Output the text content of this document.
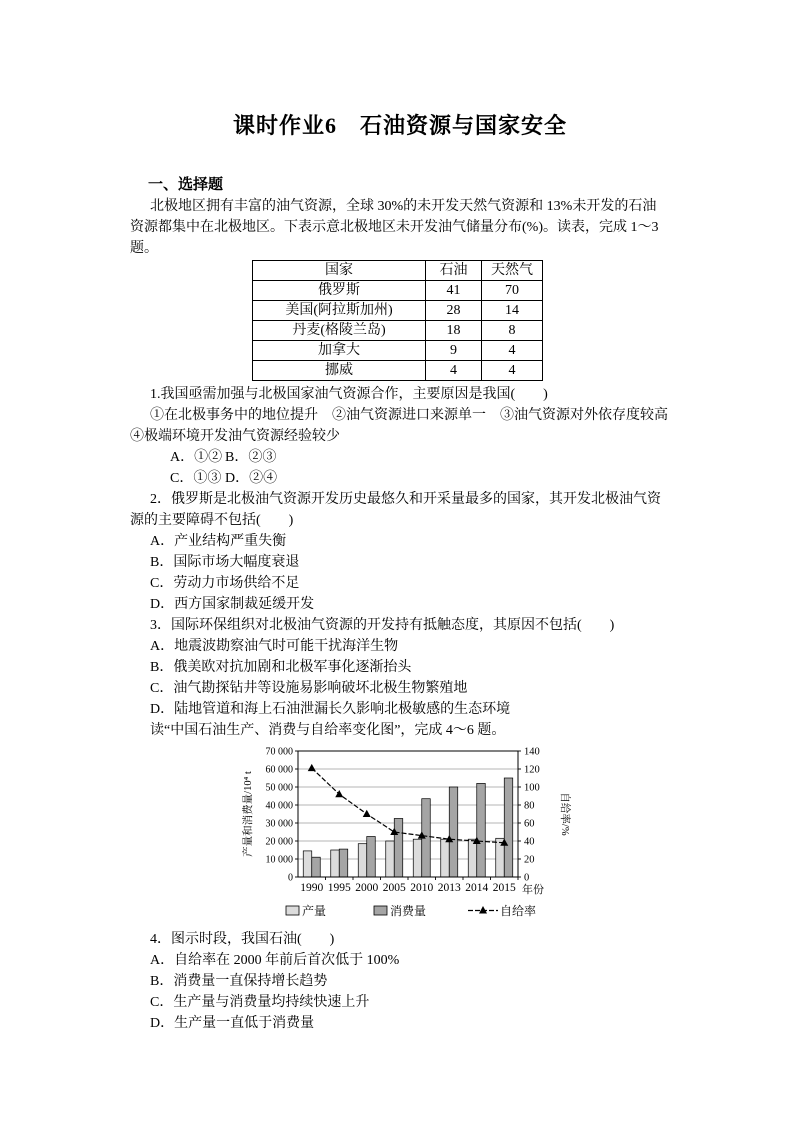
课时作业6　石油资源与国家安全

一、选择题

北极地区拥有丰富的油气资源，全球 30%的未开发天然气资源和 13%未开发的石油资源都集中在北极地区。下表示意北极地区未开发油气储量分布(%)。读表，完成 1～3 题。

国家	石油	天然气
俄罗斯	41	70
美国(阿拉斯加州)	28	14
丹麦(格陵兰岛)	18	8
加拿大	9	4
挪威	4	4

1.我国亟需加强与北极国家油气资源合作，主要原因是我国(　　)

①在北极事务中的地位提升　②油气资源进口来源单一　③油气资源对外依存度较高　④极端环境开发油气资源经验较少

A．①② B．②③

C．①③ D．②④

2．俄罗斯是北极油气资源开发历史最悠久和开采量最多的国家，其开发北极油气资源的主要障碍不包括(　　)

A．产业结构严重失衡

B．国际市场大幅度衰退

C．劳动力市场供给不足

D．西方国家制裁延缓开发

3．国际环保组织对北极油气资源的开发持有抵触态度，其原因不包括(　　)

A．地震波勘察油气时可能干扰海洋生物

B．俄美欧对抗加剧和北极军事化逐渐抬头

C．油气勘探钻井等设施易影响破坏北极生物繁殖地

D．陆地管道和海上石油泄漏长久影响北极敏感的生态环境

读“中国石油生产、消费与自给率变化图”，完成 4～6 题。

0	0
10 000	20
20 000	40
30 000	60
40 000	80
50 000	100
60 000	120
70 000	140
1990 1995 2000 2005 2010 2013 2014 2015
产量和消费量/10⁴ t	自给率/%
年份
产量	消费量	自给率

4．图示时段，我国石油(　　)

A．自给率在 2000 年前后首次低于 100%

B．消费量一直保持增长趋势

C．生产量与消费量均持续快速上升

D．生产量一直低于消费量
